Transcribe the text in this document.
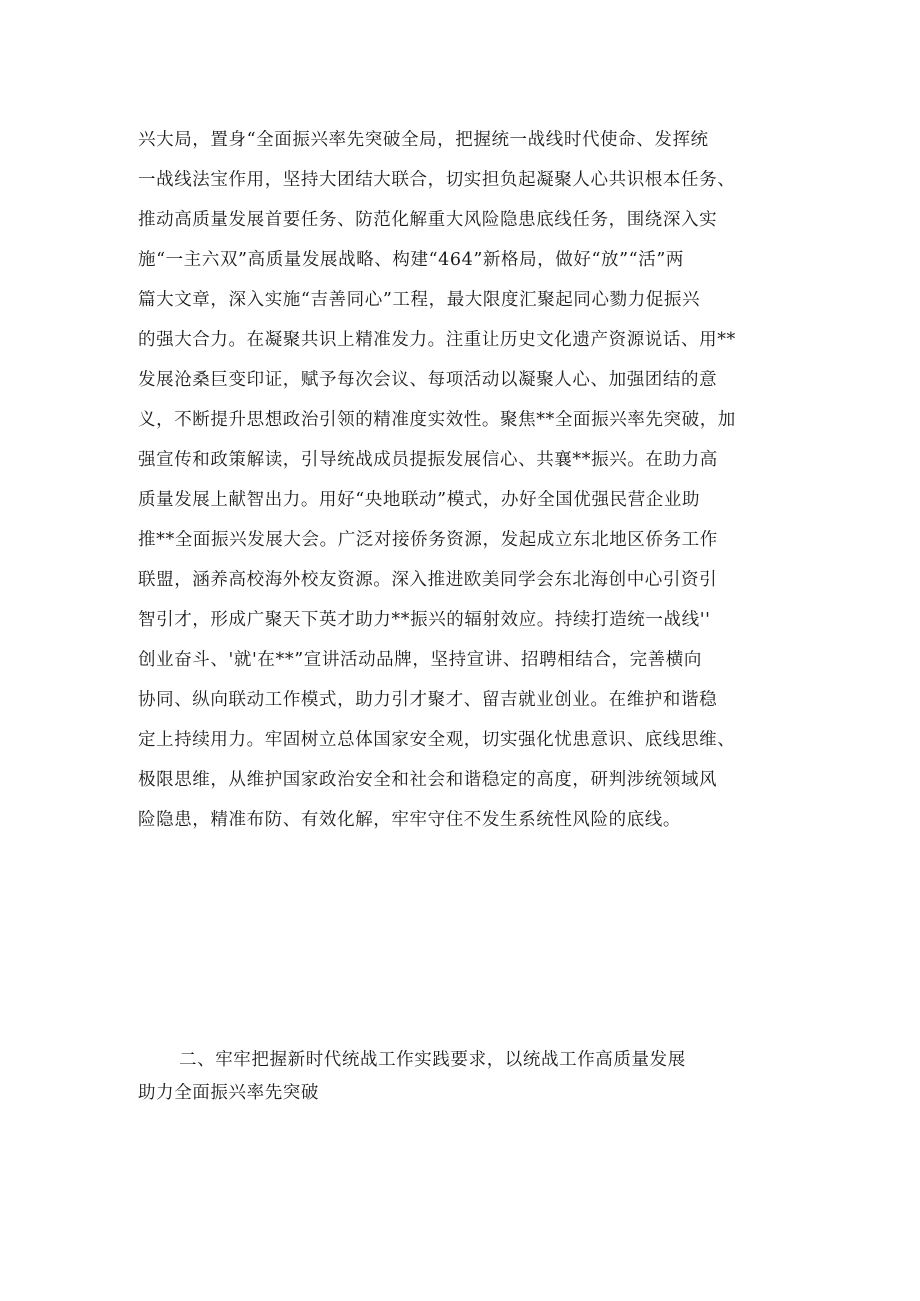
兴大局，置身“全面振兴率先突破全局，把握统一战线时代使命、发挥统
一战线法宝作用，坚持大团结大联合，切实担负起凝聚人心共识根本任务、
推动高质量发展首要任务、防范化解重大风险隐患底线任务，围绕深入实
施“一主六双”高质量发展战略、构建“464”新格局，做好“放”“活”两
篇大文章，深入实施“吉善同心”工程，最大限度汇聚起同心勠力促振兴
的强大合力。在凝聚共识上精准发力。注重让历史文化遗产资源说话、用**
发展沧桑巨变印证，赋予每次会议、每项活动以凝聚人心、加强团结的意
义，不断提升思想政治引领的精准度实效性。聚焦**全面振兴率先突破，加
强宣传和政策解读，引导统战成员提振发展信心、共襄**振兴。在助力高
质量发展上献智出力。用好“央地联动”模式，办好全国优强民营企业助
推**全面振兴发展大会。广泛对接侨务资源，发起成立东北地区侨务工作
联盟，涵养高校海外校友资源。深入推进欧美同学会东北海创中心引资引
智引才，形成广聚天下英才助力**振兴的辐射效应。持续打造统一战线''
创业奋斗、'就'在**”宣讲活动品牌，坚持宣讲、招聘相结合，完善横向
协同、纵向联动工作模式，助力引才聚才、留吉就业创业。在维护和谐稳
定上持续用力。牢固树立总体国家安全观，切实强化忧患意识、底线思维、
极限思维，从维护国家政治安全和社会和谐稳定的高度，研判涉统领域风
险隐患，精准布防、有效化解，牢牢守住不发生系统性风险的底线。
二、牢牢把握新时代统战工作实践要求，以统战工作高质量发展
助力全面振兴率先突破
